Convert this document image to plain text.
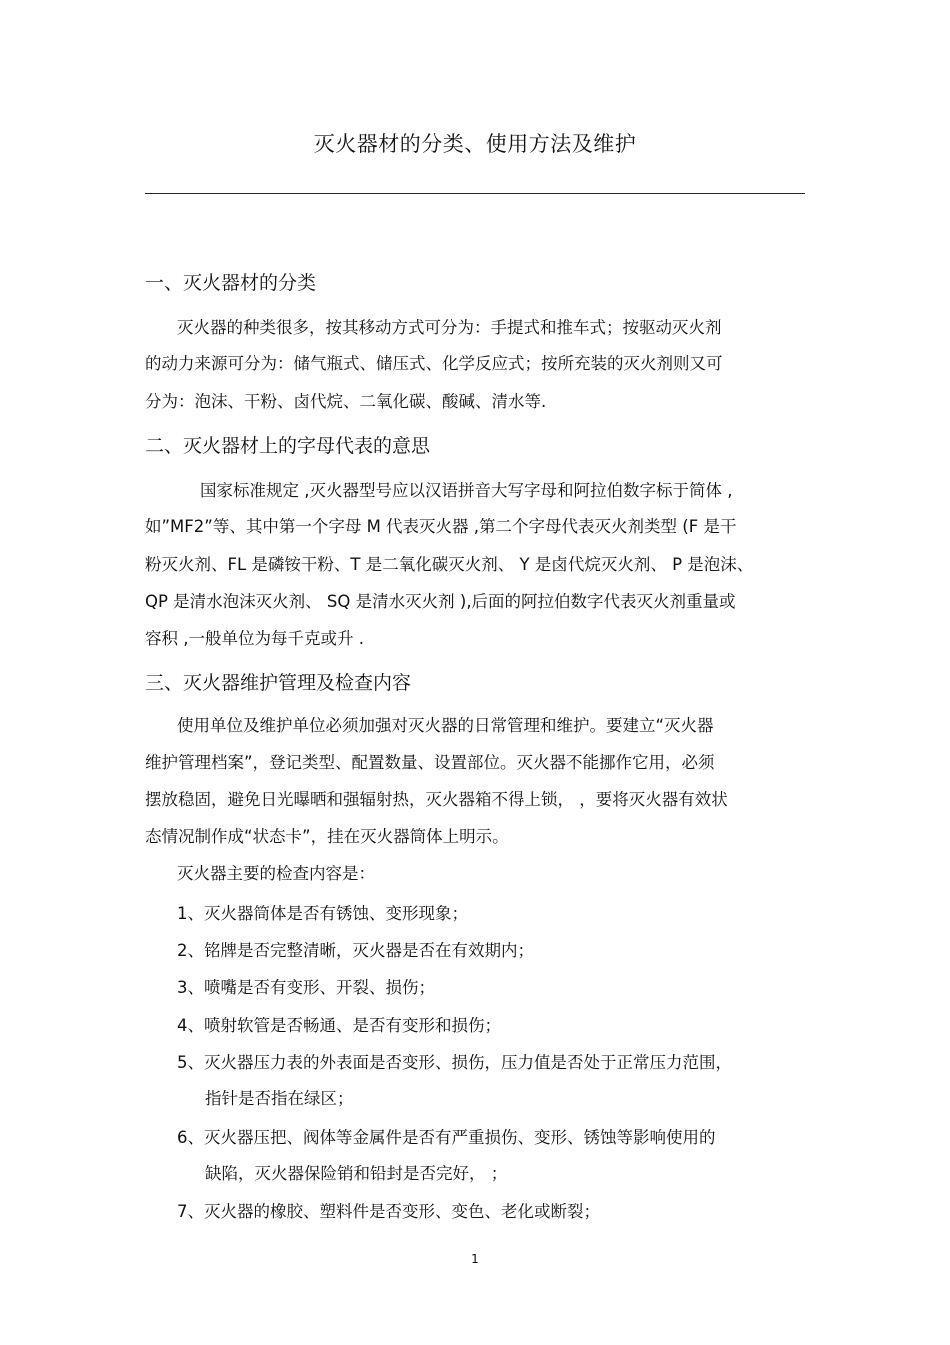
灭火器材的分类、使用方法及维护
一、灭火器材的分类
灭火器的种类很多，按其移动方式可分为：手提式和推车式；按驱动灭火剂
的动力来源可分为：储气瓶式、储压式、化学反应式；按所充装的灭火剂则又可
分为：泡沫、干粉、卤代烷、二氧化碳、酸碱、清水等.
二、灭火器材上的字母代表的意思
国家标准规定 ,灭火器型号应以汉语拼音大写字母和阿拉伯数字标于简体 ,
如”MF2”等、其中第一个字母 M 代表灭火器 ,第二个字母代表灭火剂类型 (F 是干
粉灭火剂、FL 是磷铵干粉、T 是二氧化碳灭火剂、 Y 是卤代烷灭火剂、 P 是泡沫、
QP 是清水泡沫灭火剂、 SQ 是清水灭火剂 ),后面的阿拉伯数字代表灭火剂重量或
容积 ,一般单位为每千克或升 .
三、灭火器维护管理及检查内容
使用单位及维护单位必须加强对灭火器的日常管理和维护。要建立“灭火器
维护管理档案”，登记类型、配置数量、设置部位。灭火器不能挪作它用，必须
摆放稳固，避免日光曝晒和强辐射热，灭火器箱不得上锁， ，要将灭火器有效状
态情况制作成“状态卡”，挂在灭火器筒体上明示。
灭火器主要的检查内容是：
1、灭火器筒体是否有锈蚀、变形现象；
2、铭牌是否完整清晰，灭火器是否在有效期内；
3、喷嘴是否有变形、开裂、损伤；
4、喷射软管是否畅通、是否有变形和损伤；
5、灭火器压力表的外表面是否变形、损伤，压力值是否处于正常压力范围，
指针是否指在绿区；
6、灭火器压把、阀体等金属件是否有严重损伤、变形、锈蚀等影响使用的
缺陷，灭火器保险销和铅封是否完好， ；
7、灭火器的橡胶、塑料件是否变形、变色、老化或断裂；
1
